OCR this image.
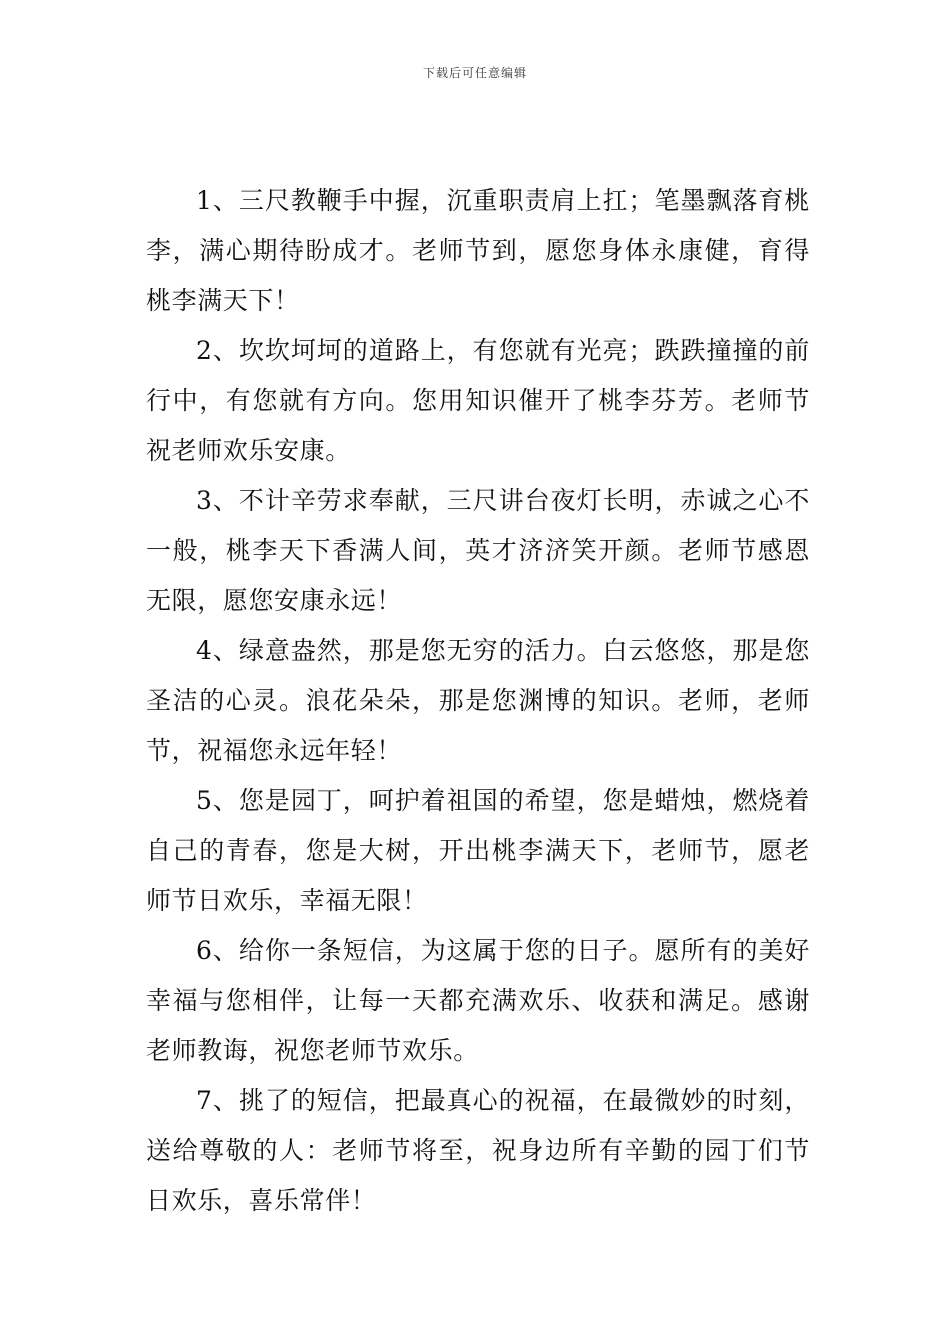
下载后可任意编辑

1、三尺教鞭手中握，沉重职责肩上扛；笔墨飘落育桃李，满心期待盼成才。老师节到，愿您身体永康健，育得桃李满天下！

2、坎坎坷坷的道路上，有您就有光亮；跌跌撞撞的前行中，有您就有方向。您用知识催开了桃李芬芳。老师节祝老师欢乐安康。

3、不计辛劳求奉献，三尺讲台夜灯长明，赤诚之心不一般，桃李天下香满人间，英才济济笑开颜。老师节感恩无限，愿您安康永远！

4、绿意盎然，那是您无穷的活力。白云悠悠，那是您圣洁的心灵。浪花朵朵，那是您渊博的知识。老师，老师节，祝福您永远年轻！

5、您是园丁，呵护着祖国的希望，您是蜡烛，燃烧着自己的青春，您是大树，开出桃李满天下，老师节，愿老师节日欢乐，幸福无限！

6、给你一条短信，为这属于您的日子。愿所有的美好幸福与您相伴，让每一天都充满欢乐、收获和满足。感谢老师教诲，祝您老师节欢乐。

7、挑了的短信，把最真心的祝福，在最微妙的时刻，送给尊敬的人：老师节将至，祝身边所有辛勤的园丁们节日欢乐，喜乐常伴！
